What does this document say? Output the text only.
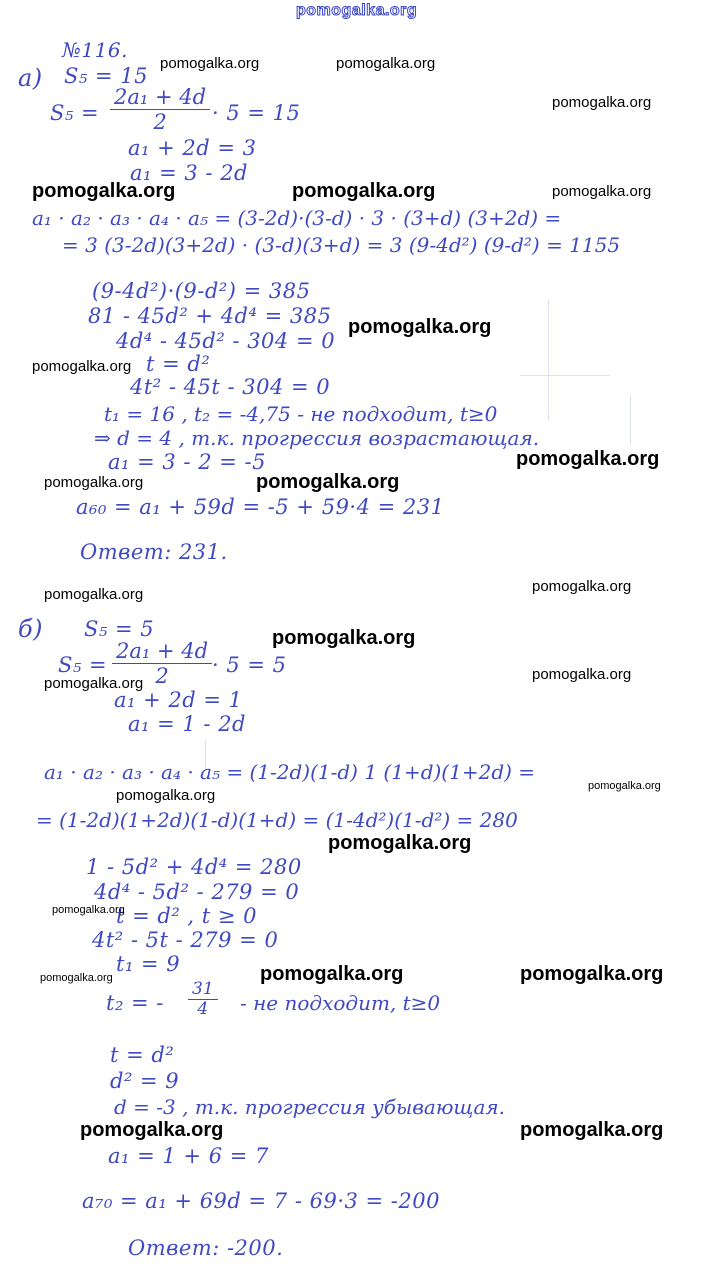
pomogalka.org
№116.
а) S₅ = 15
$S_5 = \frac{\text{2a₁ + 4d}}{2} \cdot 5 = 15$
a₁ + 2d = 3
a₁ = 3 - 2d
a₁ · a₂ · a₃ · a₄ · a₅ = (3-2d)·(3-d) · 3 · (3+d) (3+2d) =
= 3 (3-2d)(3+2d) · (3-d)(3+d) = 3 (9-4d²) (9-d²) = 1155
(9-4d²)·(9-d²) = 385
81 - 45d² + 4d⁴ = 385
4d⁴ - 45d² - 304 = 0
t = d²
4t² - 45t - 304 = 0
t₁ = 16 , t₂ = -4,75 - не подходит, t≥0
⇒ d = 4 , т.к. прогрессия возрастающая.
a₁ = 3 - 2 = -5
a₆₀ = a₁ + 59d = -5 + 59·4 = 231
Ответ: 231.
б) S₅ = 5
$S_5 = \frac{\text{2a₁ + 4d}}{2} \cdot 5 = 5$
a₁ + 2d = 1
a₁ = 1 - 2d
a₁ · a₂ · a₃ · a₄ · a₅ = (1-2d)(1-d) 1 (1+d)(1+2d) =
= (1-2d)(1+2d)(1-d)(1+d) = (1-4d²)(1-d²) = 280
1 - 5d² + 4d⁴ = 280
4d⁴ - 5d² - 279 = 0
t = d² , t ≥ 0
4t² - 5t - 279 = 0
t₁ = 9
t₂ = - $\frac{31}{4}$ - не подходит, t≥0
t = d²
d² = 9
d = -3 , т.к. прогрессия убывающая.
a₁ = 1 + 6 = 7
a₇₀ = a₁ + 69d = 7 - 69·3 = -200
Ответ: -200.
pomogalka.org	pomogalka.org
pomogalka.org
pomogalka.org	pomogalka.org	pomogalka.org
pomogalka.org
pomogalka.org
pomogalka.org
pomogalka.org	pomogalka.org
pomogalka.org
pomogalka.org
pomogalka.org
pomogalka.org
pomogalka.org
pomogalka.org
pomogalka.org
pomogalka.org
pomogalka.org
pomogalka.org	pomogalka.org
pomogalka.org
pomogalka.org	pomogalka.org
